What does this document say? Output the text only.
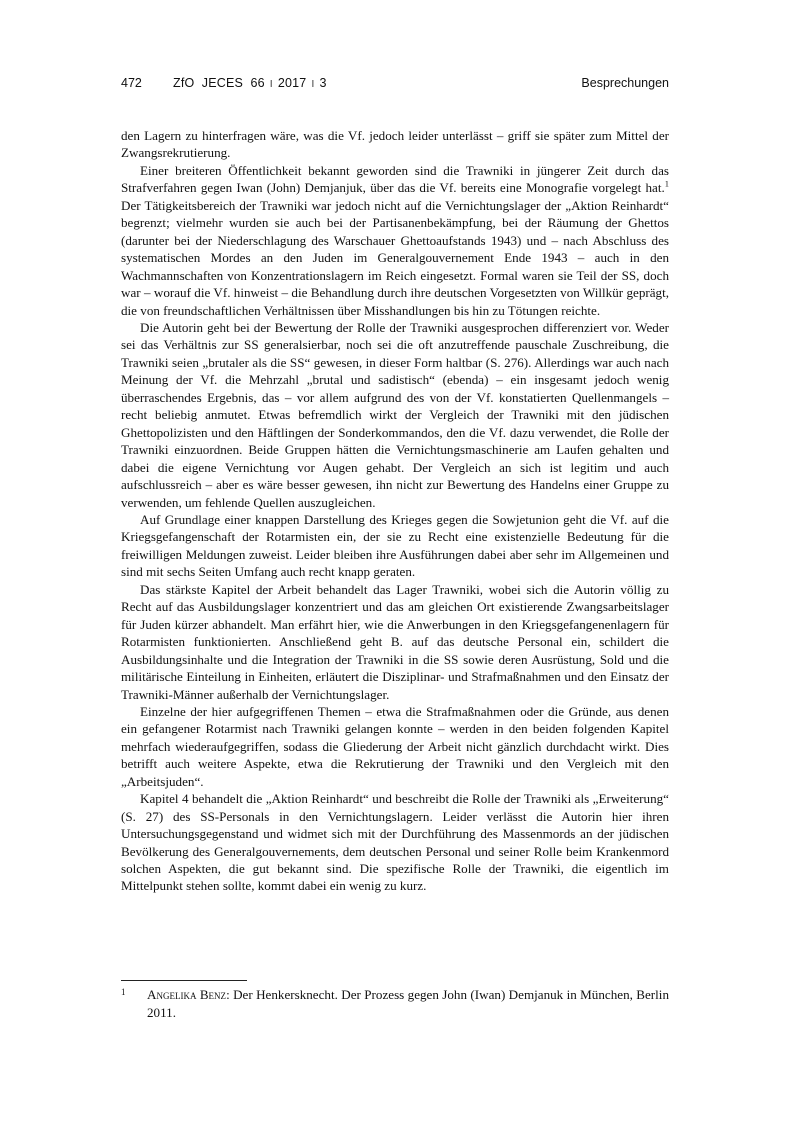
472 ZfO JECES 66 ı 2017 ı 3	Besprechungen

den Lagern zu hinterfragen wäre, was die Vf. jedoch leider unterlässt – griff sie später zum Mittel der Zwangsrekrutierung.

Einer breiteren Öffentlichkeit bekannt geworden sind die Trawniki in jüngerer Zeit durch das Strafverfahren gegen Iwan (John) Demjanjuk, über das die Vf. bereits eine Monografie vorgelegt hat.$^1$ Der Tätigkeitsbereich der Trawniki war jedoch nicht auf die Vernichtungslager der „Aktion Reinhardt“ begrenzt; vielmehr wurden sie auch bei der Partisanenbekämpfung, bei der Räumung der Ghettos (darunter bei der Niederschlagung des Warschauer Ghettoaufstands 1943) und – nach Abschluss des systematischen Mordes an den Juden im Generalgouvernement Ende 1943 – auch in den Wachmannschaften von Konzentrationslagern im Reich eingesetzt. Formal waren sie Teil der SS, doch war – worauf die Vf. hinweist – die Behandlung durch ihre deutschen Vorgesetzten von Willkür geprägt, die von freundschaftlichen Verhältnissen über Misshandlungen bis hin zu Tötungen reichte.

Die Autorin geht bei der Bewertung der Rolle der Trawniki ausgesprochen differenziert vor. Weder sei das Verhältnis zur SS generalsierbar, noch sei die oft anzutreffende pauschale Zuschreibung, die Trawniki seien „brutaler als die SS“ gewesen, in dieser Form haltbar (S. 276). Allerdings war auch nach Meinung der Vf. die Mehrzahl „brutal und sadistisch“ (ebenda) – ein insgesamt jedoch wenig überraschendes Ergebnis, das – vor allem aufgrund des von der Vf. konstatierten Quellenmangels – recht beliebig anmutet. Etwas befremdlich wirkt der Vergleich der Trawniki mit den jüdischen Ghettopolizisten und den Häftlingen der Sonderkommandos, den die Vf. dazu verwendet, die Rolle der Trawniki einzuordnen. Beide Gruppen hätten die Vernichtungsmaschinerie am Laufen gehalten und dabei die eigene Vernichtung vor Augen gehabt. Der Vergleich an sich ist legitim und auch aufschlussreich – aber es wäre besser gewesen, ihn nicht zur Bewertung des Handelns einer Gruppe zu verwenden, um fehlende Quellen auszugleichen.

Auf Grundlage einer knappen Darstellung des Krieges gegen die Sowjetunion geht die Vf. auf die Kriegsgefangenschaft der Rotarmisten ein, der sie zu Recht eine existenzielle Bedeutung für die freiwilligen Meldungen zuweist. Leider bleiben ihre Ausführungen dabei aber sehr im Allgemeinen und sind mit sechs Seiten Umfang auch recht knapp geraten.

Das stärkste Kapitel der Arbeit behandelt das Lager Trawniki, wobei sich die Autorin völlig zu Recht auf das Ausbildungslager konzentriert und das am gleichen Ort existierende Zwangsarbeitslager für Juden kürzer abhandelt. Man erfährt hier, wie die Anwerbungen in den Kriegsgefangenenlagern für Rotarmisten funktionierten. Anschließend geht B. auf das deutsche Personal ein, schildert die Ausbildungsinhalte und die Integration der Trawniki in die SS sowie deren Ausrüstung, Sold und die militärische Einteilung in Einheiten, erläutert die Disziplinar- und Strafmaßnahmen und den Einsatz der Trawniki-Männer außerhalb der Vernichtungslager.

Einzelne der hier aufgegriffenen Themen – etwa die Strafmaßnahmen oder die Gründe, aus denen ein gefangener Rotarmist nach Trawniki gelangen konnte – werden in den beiden folgenden Kapitel mehrfach wiederaufgegriffen, sodass die Gliederung der Arbeit nicht gänzlich durchdacht wirkt. Dies betrifft auch weitere Aspekte, etwa die Rekrutierung der Trawniki und den Vergleich mit den „Arbeitsjuden“.

Kapitel 4 behandelt die „Aktion Reinhardt“ und beschreibt die Rolle der Trawniki als „Erweiterung“ (S. 27) des SS-Personals in den Vernichtungslagern. Leider verlässt die Autorin hier ihren Untersuchungsgegenstand und widmet sich mit der Durchführung des Massenmords an der jüdischen Bevölkerung des Generalgouvernements, dem deutschen Personal und seiner Rolle beim Krankenmord solchen Aspekten, die gut bekannt sind. Die spezifische Rolle der Trawniki, die eigentlich im Mittelpunkt stehen sollte, kommt dabei ein wenig zu kurz.

1 Angelika Benz: Der Henkersknecht. Der Prozess gegen John (Iwan) Demjanuk in München, Berlin 2011.
